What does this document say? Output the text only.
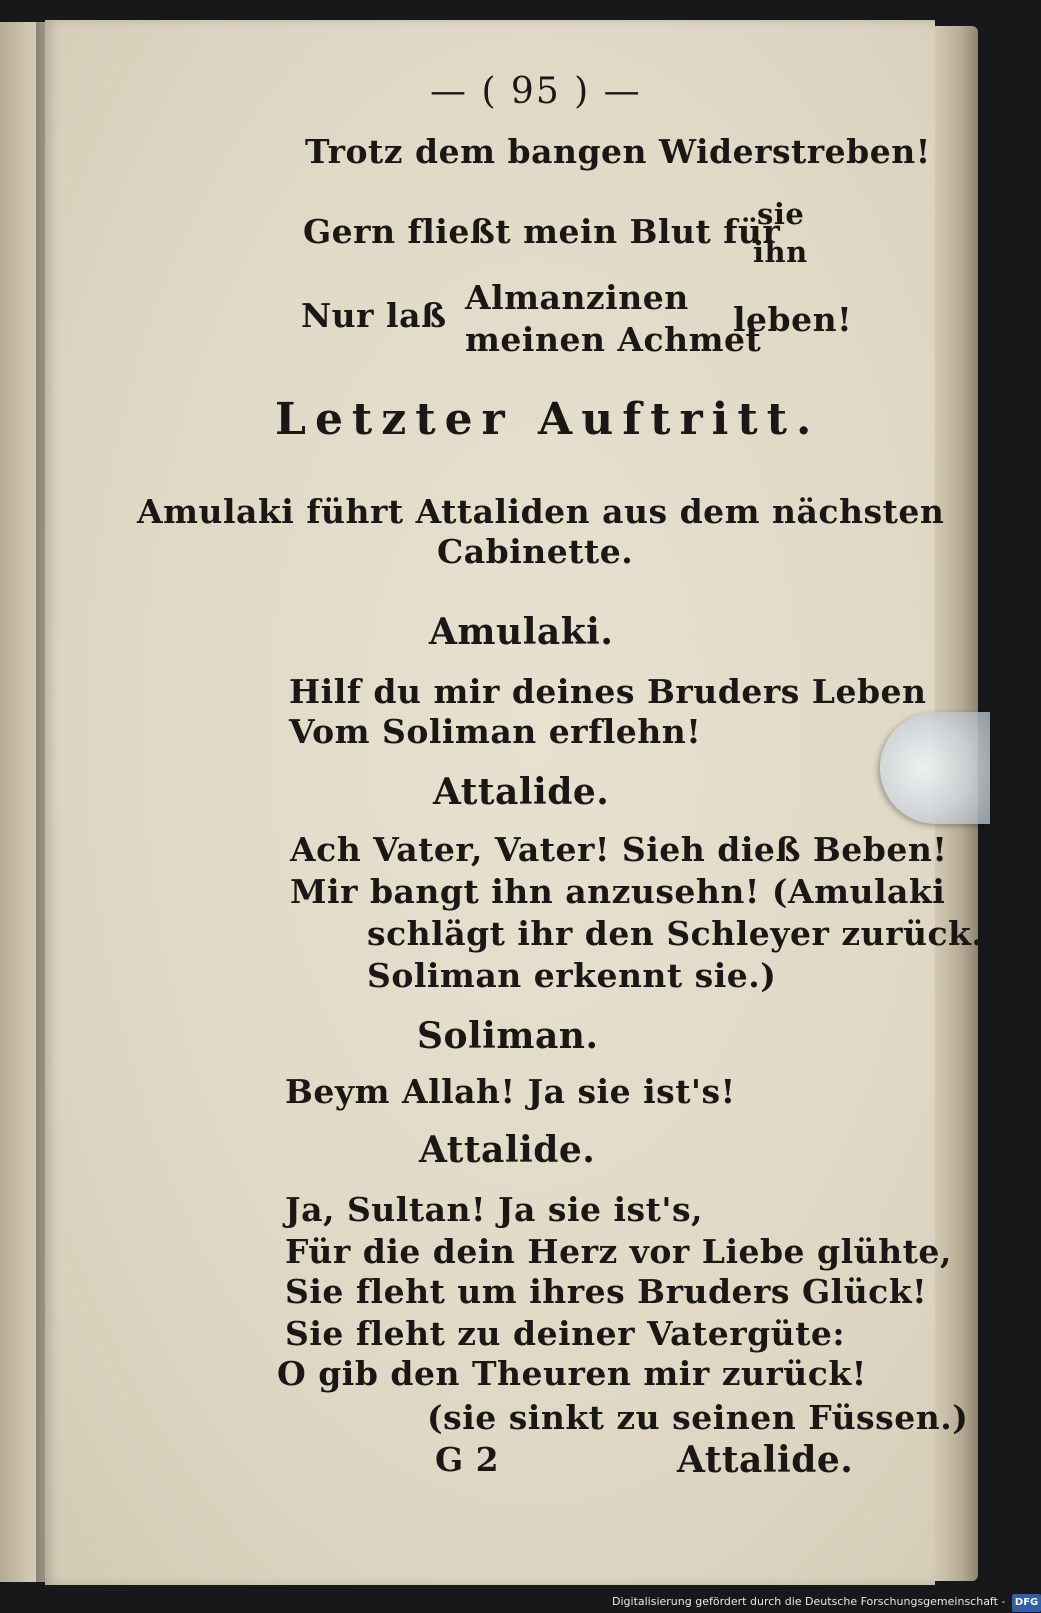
— ( 95 ) —
Trotz dem bangen Widerstreben!
Gern fließt mein Blut für
sie
ihn
Nur laß Almanzinen
meinen Achmet
leben!
Letzter Auftritt.
Amulaki führt Attaliden aus dem nächsten
Cabinette.
Amulaki.
Hilf du mir deines Bruders Leben
Vom Soliman erflehn!
Attalide.
Ach Vater, Vater! Sieh dieß Beben!
Mir bangt ihn anzusehn! (Amulaki
schlägt ihr den Schleyer zurück.
Soliman erkennt sie.)
Soliman.
Beym Allah! Ja sie ist's!
Attalide.
Ja, Sultan! Ja sie ist's,
Für die dein Herz vor Liebe glühte,
Sie fleht um ihres Bruders Glück!
Sie fleht zu deiner Vatergüte:
O gib den Theuren mir zurück!
(sie sinkt zu seinen Füssen.)
G 2	Attalide.
Digitalisierung gefördert durch die Deutsche Forschungsgemeinschaft - DFG
